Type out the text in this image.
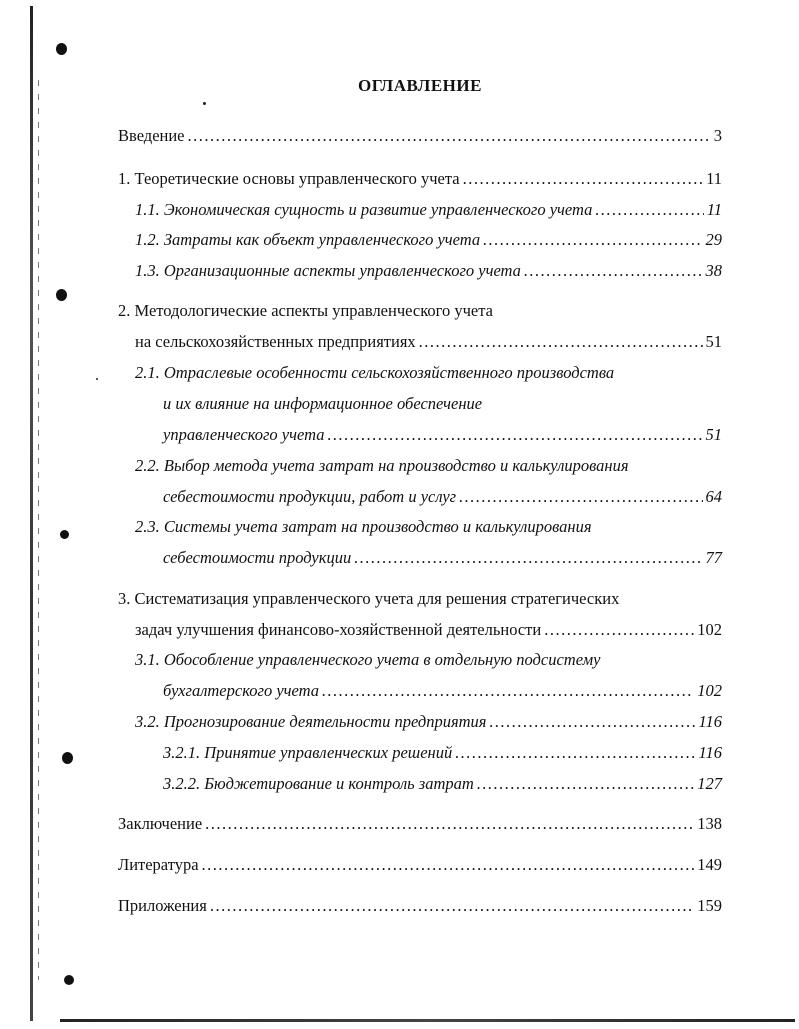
ОГЛАВЛЕНИЕ
Введение .....	3
1. Теоретические основы управленческого учета .....	11
1.1. Экономическая сущность и развитие управленческого учета .....	11
1.2. Затраты как объект управленческого учета .....	29
1.3. Организационные аспекты управленческого учета .....	38
2. Методологические аспекты управленческого учета
на сельскохозяйственных предприятиях .....	51
2.1. Отраслевые особенности сельскохозяйственного производства
и их влияние на информационное обеспечение
управленческого учета .....	51
2.2. Выбор метода учета затрат на производство и калькулирования
себестоимости продукции, работ и услуг .....	64
2.3. Системы учета затрат на производство и калькулирования
себестоимости продукции .....	77
3. Систематизация управленческого учета для решения стратегических
задач улучшения финансово-хозяйственной деятельности .....	102
3.1. Обособление управленческого учета в отдельную подсистему
бухгалтерского учета .....	102
3.2. Прогнозирование деятельности предприятия .....	116
3.2.1. Принятие управленческих решений .....	116
3.2.2. Бюджетирование и контроль затрат .....	127
Заключение .....	138
Литература .....	149
Приложения .....	159
